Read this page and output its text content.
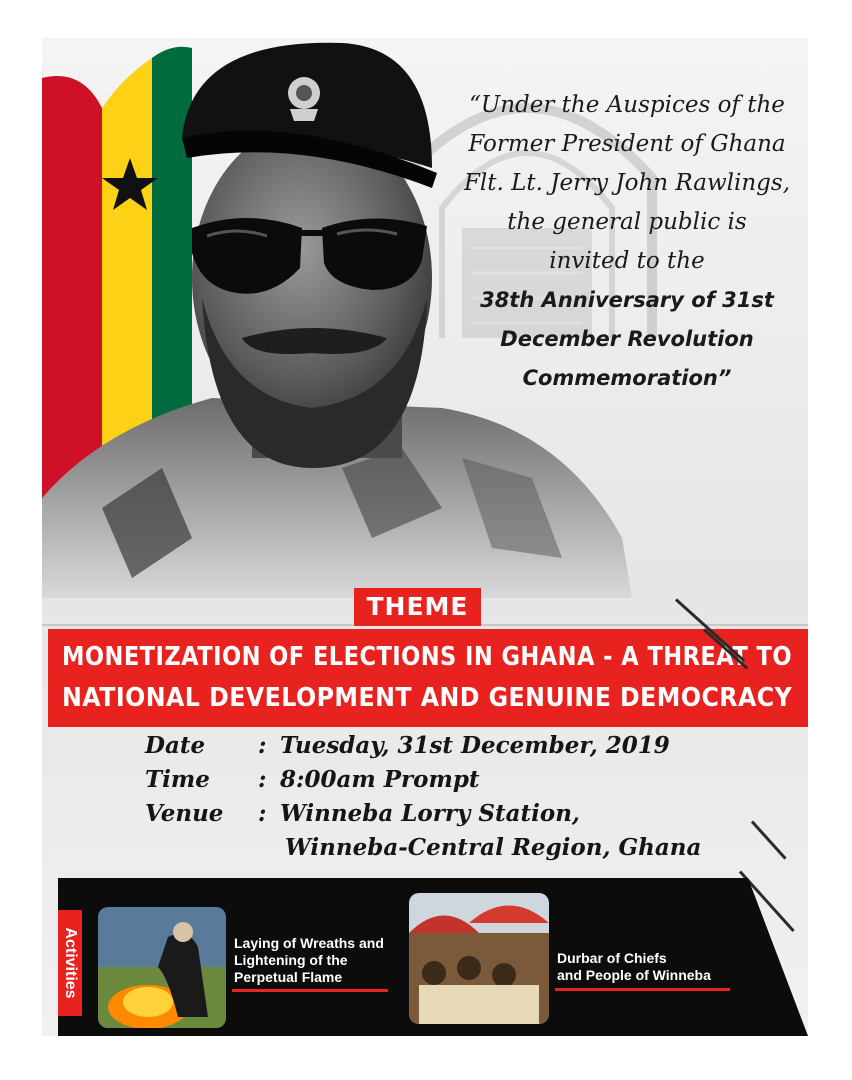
“Under the Auspices of the
Former President of Ghana
Flt. Lt. Jerry John Rawlings,
the general public is
invited to the
38th Anniversary of 31st
December Revolution
Commemoration”
THEME
MONETIZATION OF ELECTIONS IN GHANA - A THREAT TO
NATIONAL DEVELOPMENT AND GENUINE DEMOCRACY
Date : Tuesday, 31st December, 2019
Time : 8:00am Prompt
Venue : Winneba Lorry Station,
Winneba-Central Region, Ghana
Activities	Laying of Wreaths and
Lightening of the
Perpetual Flame
Durbar of Chiefs
and People of Winneba
